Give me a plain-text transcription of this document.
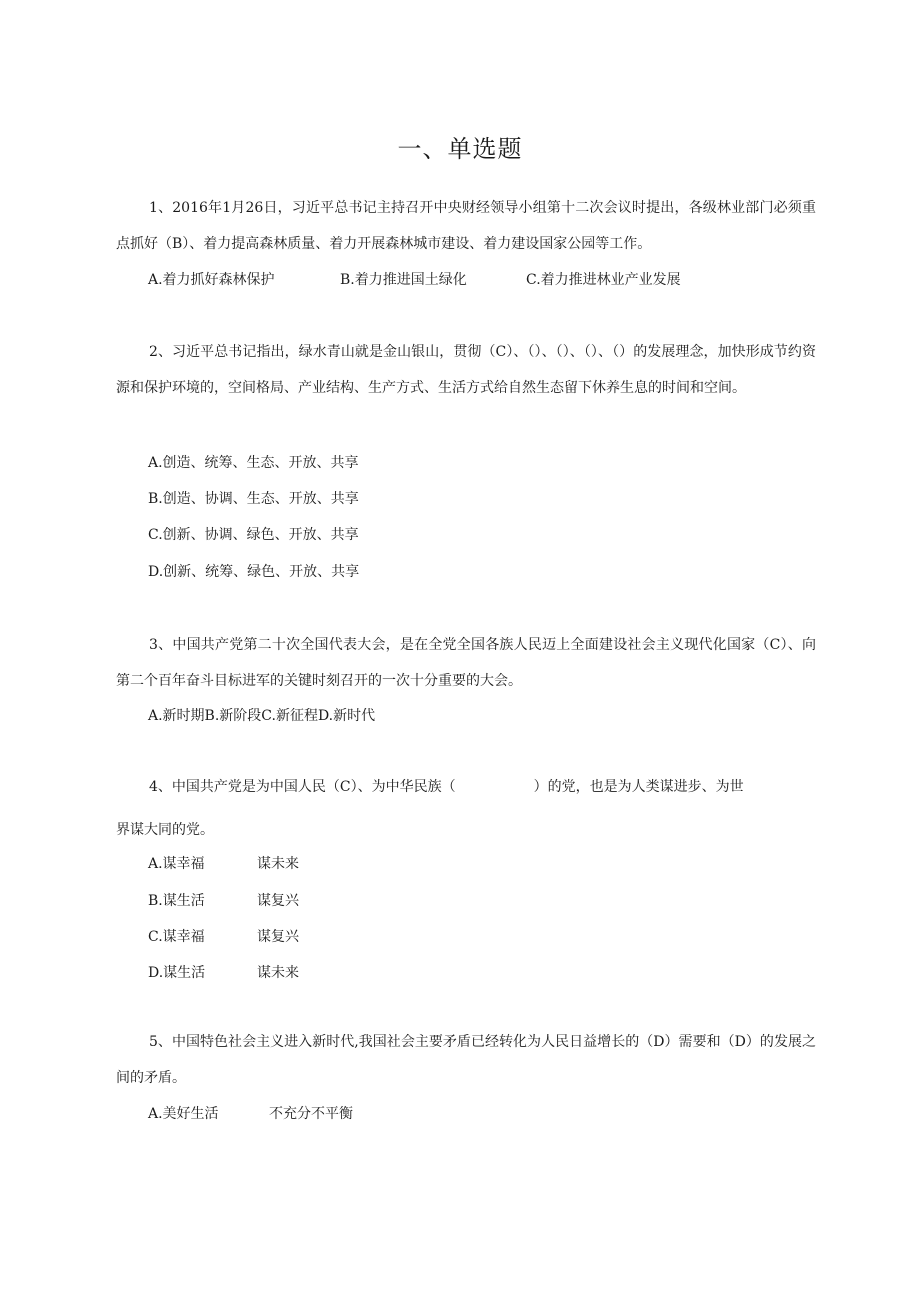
一、单选题

1、2016年1月26日，习近平总书记主持召开中央财经领导小组第十二次会议时提出，各级林业部门必须重点抓好（B）、着力提高森林质量、着力开展森林城市建设、着力建设国家公园等工作。

A.着力抓好森林保护	B.着力推进国土绿化	C.着力推进林业产业发展

2、习近平总书记指出，绿水青山就是金山银山，贯彻（C）、（）、（）、（）、（）的发展理念，加快形成节约资源和保护环境的，空间格局、产业结构、生产方式、生活方式给自然生态留下休养生息的时间和空间。

A.创造、统筹、生态、开放、共享
B.创造、协调、生态、开放、共享
C.创新、协调、绿色、开放、共享
D.创新、统筹、绿色、开放、共享

3、中国共产党第二十次全国代表大会，是在全党全国各族人民迈上全面建设社会主义现代化国家（C）、向第二个百年奋斗目标进军的关键时刻召开的一次十分重要的大会。

A.新时期B.新阶段C.新征程D.新时代
4、中国共产党是为中国人民（C）、为中华民族（	）的党，也是为人类谋进步、为世
界谋大同的党。
A.谋幸福	谋未来
B.谋生活	谋复兴
C.谋幸福	谋复兴
D.谋生活	谋未来

5、中国特色社会主义进入新时代,我国社会主要矛盾已经转化为人民日益增长的（D）需要和（D）的发展之间的矛盾。

A.美好生活	不充分不平衡
